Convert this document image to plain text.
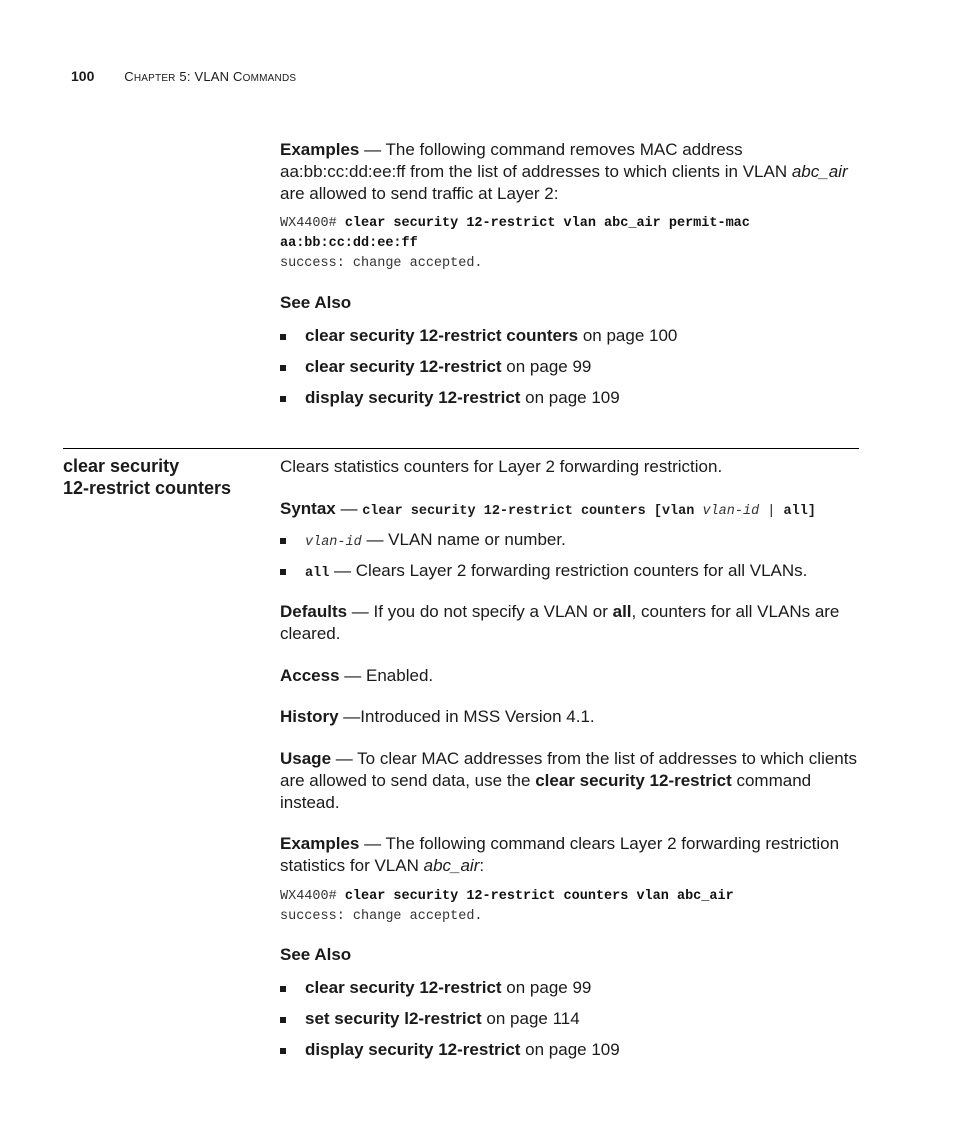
100 CHAPTER 5: VLAN COMMANDS

Examples — The following command removes MAC address aa:bb:cc:dd:ee:ff from the list of addresses to which clients in VLAN abc_air are allowed to send traffic at Layer 2:

WX4400# clear security 12-restrict vlan abc_air permit-mac
aa:bb:cc:dd:ee:ff
success: change accepted.
See Also
clear security 12-restrict counters on page 100
clear security 12-restrict on page 99
display security 12-restrict on page 109
clear security
12-restrict counters

Clears statistics counters for Layer 2 forwarding restriction.

Syntax — clear security 12-restrict counters [vlan vlan-id | all]

vlan-id — VLAN name or number.
all — Clears Layer 2 forwarding restriction counters for all VLANs.

Defaults — If you do not specify a VLAN or all, counters for all VLANs are cleared.

Access — Enabled.

History —Introduced in MSS Version 4.1.

Usage — To clear MAC addresses from the list of addresses to which clients are allowed to send data, use the clear security 12-restrict command instead.

Examples — The following command clears Layer 2 forwarding restriction statistics for VLAN abc_air:

WX4400# clear security 12-restrict counters vlan abc_air
success: change accepted.
See Also
clear security 12-restrict on page 99
set security l2-restrict on page 114
display security 12-restrict on page 109
